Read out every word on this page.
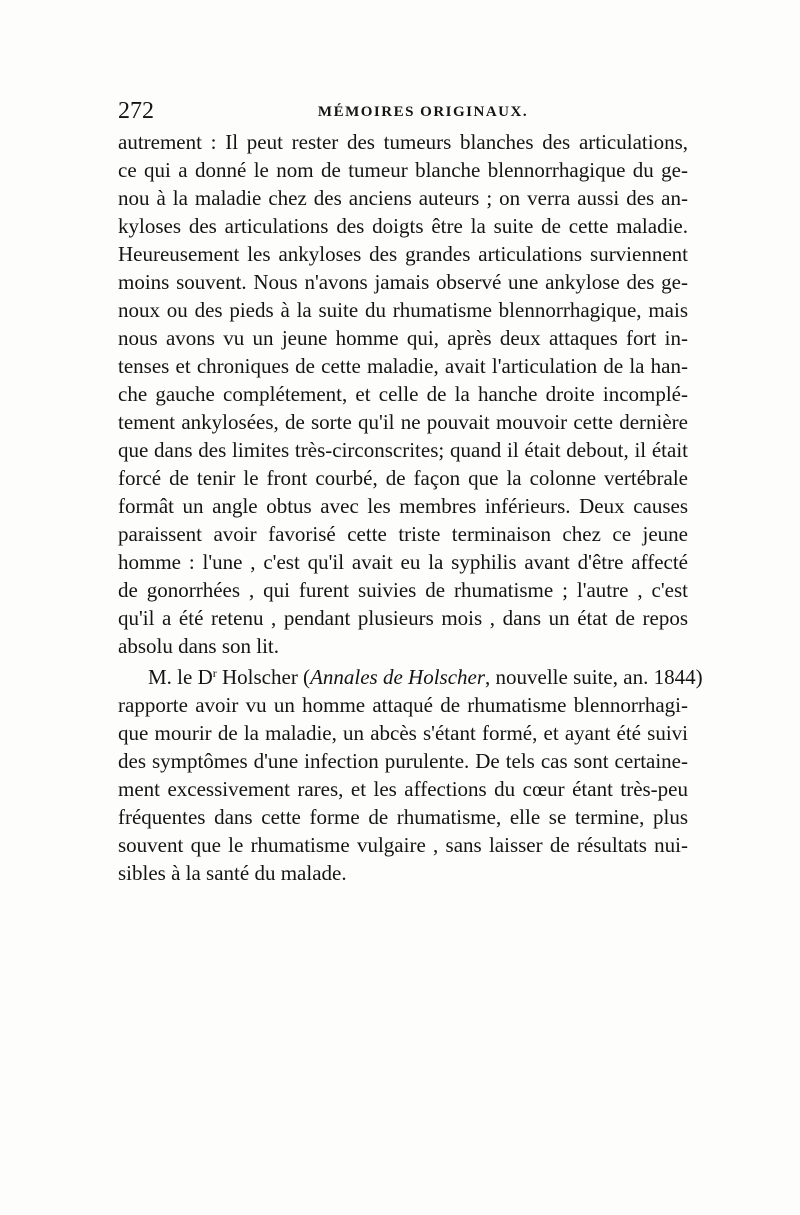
272	MÉMOIRES ORIGINAUX.
autrement : Il peut rester des tumeurs blanches des articulations,
ce qui a donné le nom de tumeur blanche blennorrhagique du ge-
nou à la maladie chez des anciens auteurs ; on verra aussi des an-
kyloses des articulations des doigts être la suite de cette maladie.
Heureusement les ankyloses des grandes articulations surviennent
moins souvent. Nous n'avons jamais observé une ankylose des ge-
noux ou des pieds à la suite du rhumatisme blennorrhagique, mais
nous avons vu un jeune homme qui, après deux attaques fort in-
tenses et chroniques de cette maladie, avait l'articulation de la han-
che gauche complétement, et celle de la hanche droite incomplé-
tement ankylosées, de sorte qu'il ne pouvait mouvoir cette dernière
que dans des limites très-circonscrites; quand il était debout, il était
forcé de tenir le front courbé, de façon que la colonne vertébrale
formât un angle obtus avec les membres inférieurs. Deux causes
paraissent avoir favorisé cette triste terminaison chez ce jeune
homme : l'une , c'est qu'il avait eu la syphilis avant d'être affecté
de gonorrhées , qui furent suivies de rhumatisme ; l'autre , c'est
qu'il a été retenu , pendant plusieurs mois , dans un état de repos
absolu dans son lit.
M. le $D^r$ Holscher (Annales de Holscher, nouvelle suite, an. 1844)
rapporte avoir vu un homme attaqué de rhumatisme blennorrhagi-
que mourir de la maladie, un abcès s'étant formé, et ayant été suivi
des symptômes d'une infection purulente. De tels cas sont certaine-
ment excessivement rares, et les affections du cœur étant très-peu
fréquentes dans cette forme de rhumatisme, elle se termine, plus
souvent que le rhumatisme vulgaire , sans laisser de résultats nui-
sibles à la santé du malade.
